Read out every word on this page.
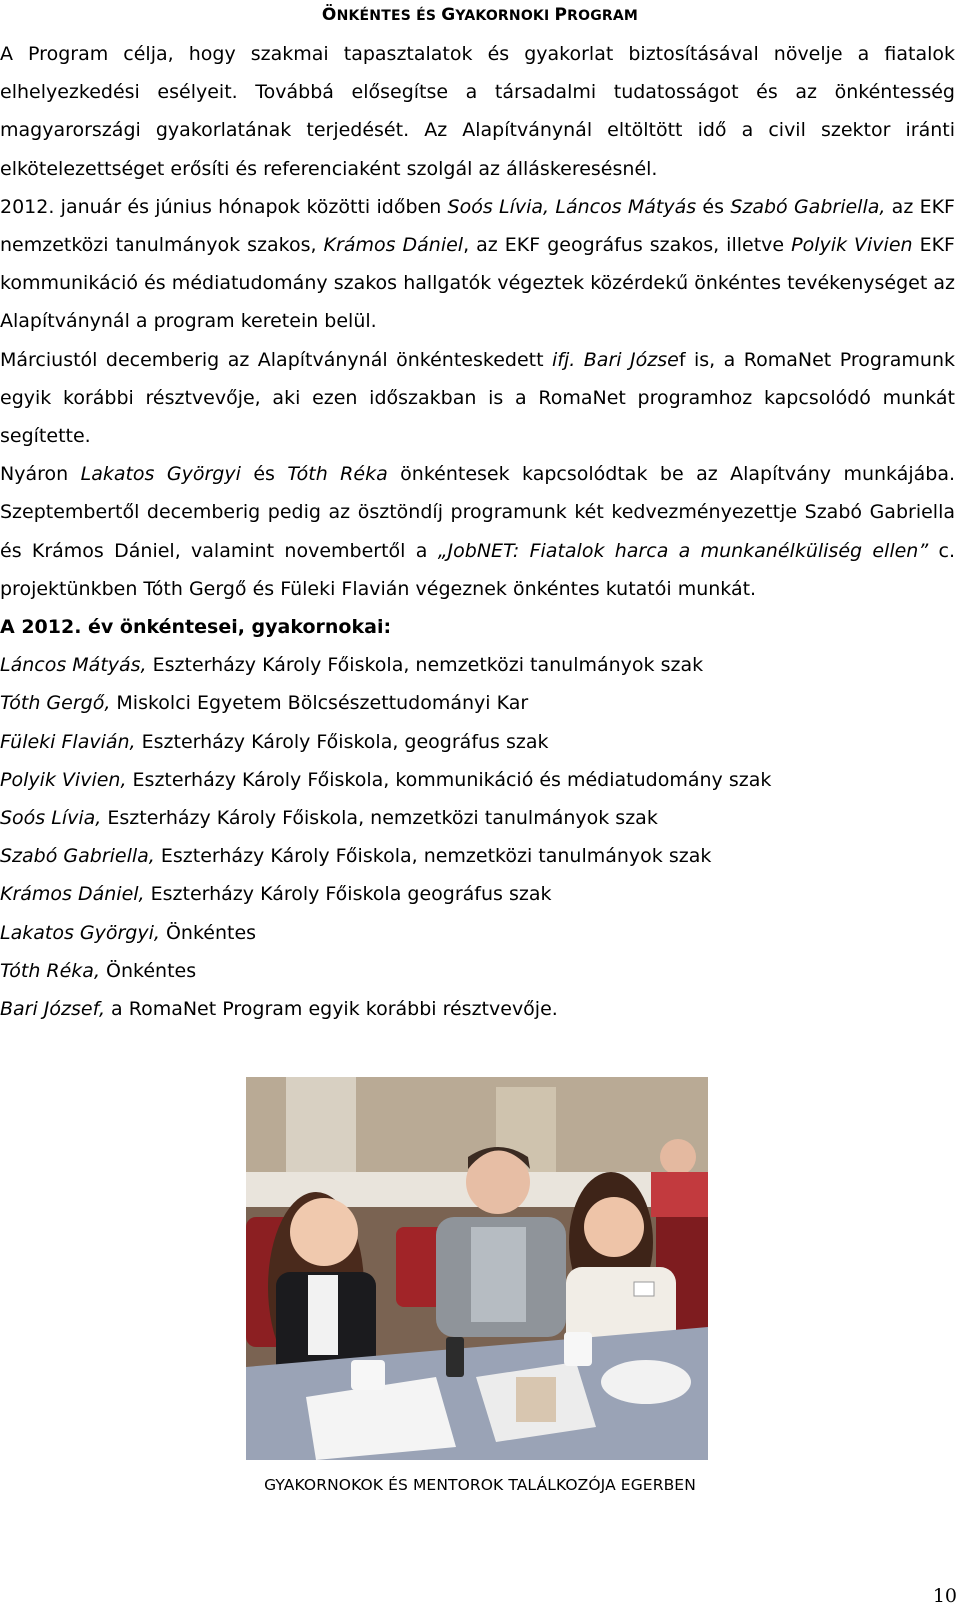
ÖNKÉNTES ÉS GYAKORNOKI PROGRAM

A Program célja, hogy szakmai tapasztalatok és gyakorlat biztosításával növelje a fiatalok elhelyezkedési esélyeit. Továbbá elősegítse a társadalmi tudatosságot és az önkéntesség magyarországi gyakorlatának terjedését. Az Alapítványnál eltöltött idő a civil szektor iránti elkötelezettséget erősíti és referenciaként szolgál az álláskeresésnél.

2012. január és június hónapok közötti időben Soós Lívia, Láncos Mátyás és Szabó Gabriella, az EKF nemzetközi tanulmányok szakos, Krámos Dániel, az EKF geográfus szakos, illetve Polyik Vivien EKF kommunikáció és médiatudomány szakos hallgatók végeztek közérdekű önkéntes tevékenységet az Alapítványnál a program keretein belül.

Márciustól decemberig az Alapítványnál önkénteskedett ifj. Bari József is, a RomaNet Programunk egyik korábbi résztvevője, aki ezen időszakban is a RomaNet programhoz kapcsolódó munkát segítette.

Nyáron Lakatos Györgyi és Tóth Réka önkéntesek kapcsolódtak be az Alapítvány munkájába. Szeptembertől decemberig pedig az ösztöndíj programunk két kedvezményezettje Szabó Gabriella és Krámos Dániel, valamint novembertől a „JobNET: Fiatalok harca a munkanélküliség ellen” c. projektünkben Tóth Gergő és Füleki Flavián végeznek önkéntes kutatói munkát.

A 2012. év önkéntesei, gyakornokai:

Láncos Mátyás, Eszterházy Károly Főiskola, nemzetközi tanulmányok szak
Tóth Gergő, Miskolci Egyetem Bölcsészettudományi Kar
Füleki Flavián, Eszterházy Károly Főiskola, geográfus szak
Polyik Vivien, Eszterházy Károly Főiskola, kommunikáció és médiatudomány szak
Soós Lívia, Eszterházy Károly Főiskola, nemzetközi tanulmányok szak
Szabó Gabriella, Eszterházy Károly Főiskola, nemzetközi tanulmányok szak
Krámos Dániel, Eszterházy Károly Főiskola geográfus szak
Lakatos Györgyi, Önkéntes
Tóth Réka, Önkéntes
Bari József, a RomaNet Program egyik korábbi résztvevője.
GYAKORNOKOK ÉS MENTOROK TALÁLKOZÓJA EGERBEN
10
